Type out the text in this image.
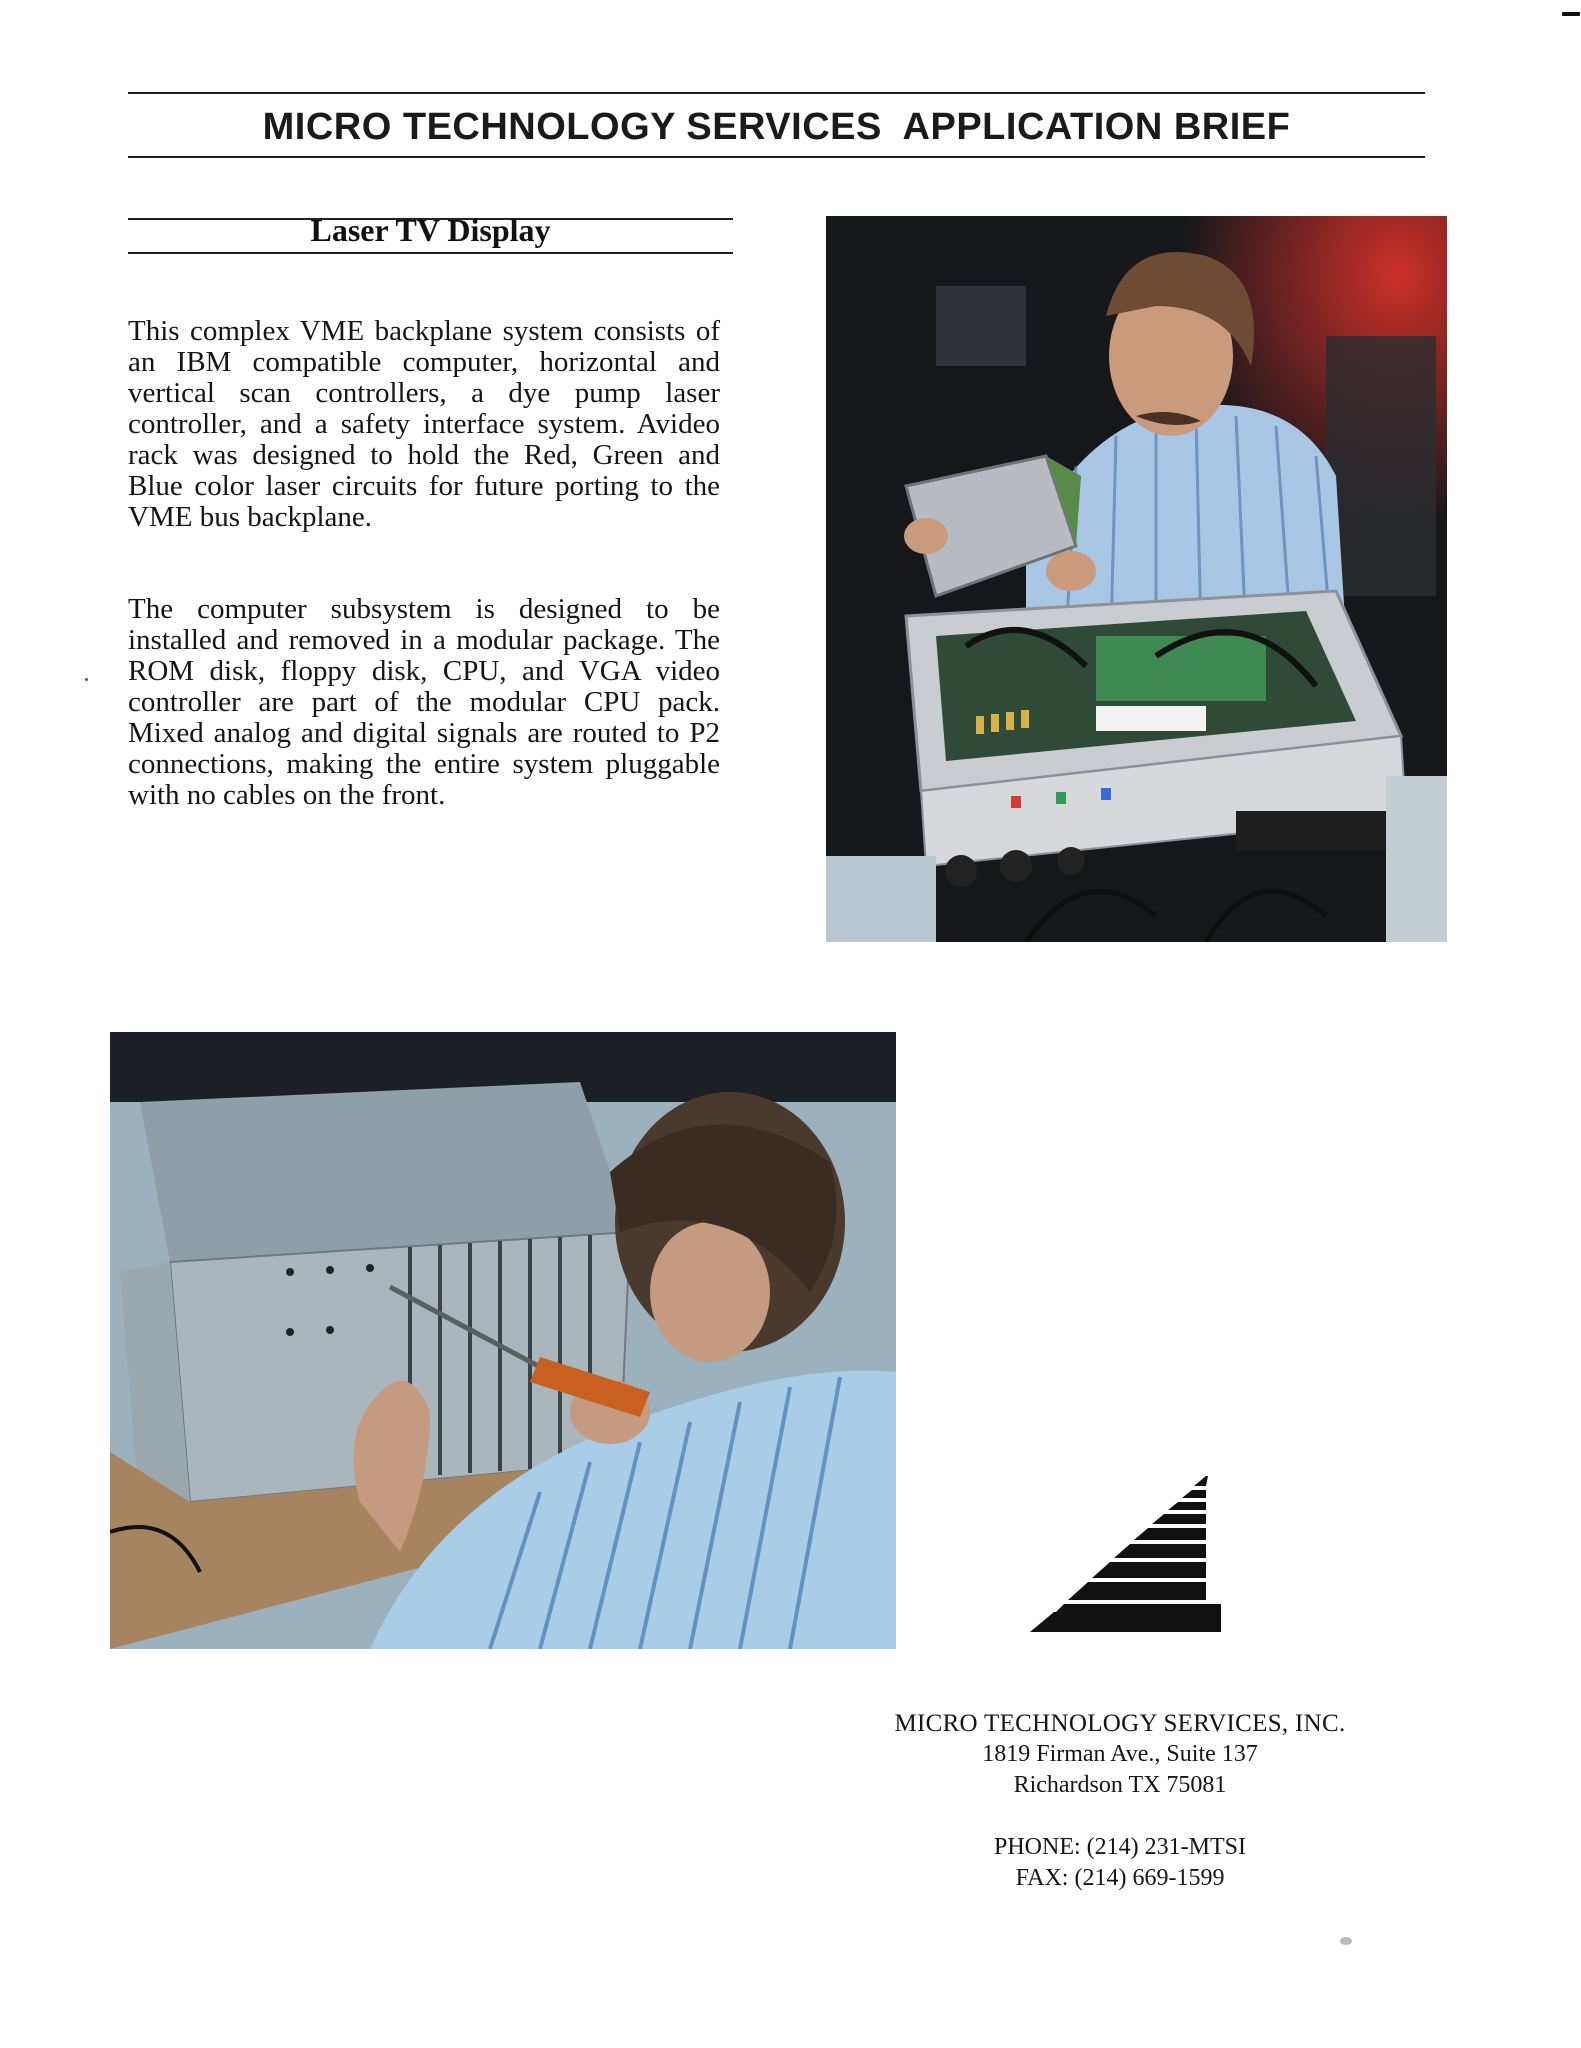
MICRO TECHNOLOGY SERVICES  APPLICATION BRIEF
Laser TV Display
This complex VME backplane system consists of an IBM compatible computer, horizontal and vertical scan controllers, a dye pump laser controller, and a safety interface system. Avideo rack was designed to hold the Red, Green and Blue color laser circuits for future porting to the VME bus backplane.
The computer subsystem is designed to be installed and removed in a modular package. The ROM disk, floppy disk, CPU, and VGA video controller are part of the modular CPU pack. Mixed analog and digital signals are routed to P2 connections, making the entire system pluggable with no cables on the front.
MICRO TECHNOLOGY SERVICES, INC.
1819 Firman Ave., Suite 137
Richardson TX 75081
PHONE: (214) 231-MTSI
FAX: (214) 669-1599
